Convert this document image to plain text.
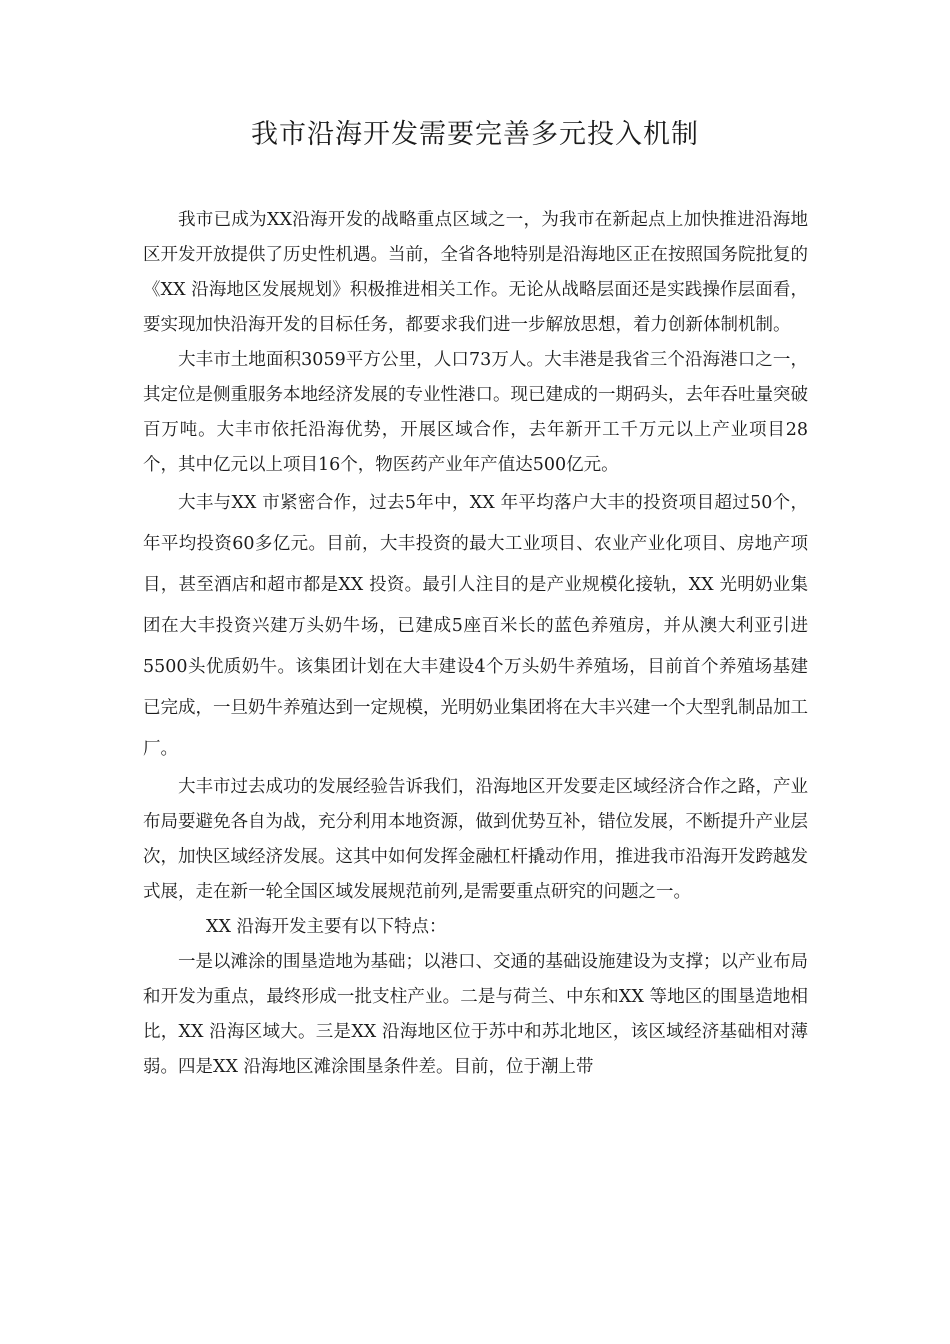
我市沿海开发需要完善多元投入机制

我市已成为XX沿海开发的战略重点区域之一，为我市在新起点上加快推进沿海地区开发开放提供了历史性机遇。当前，全省各地特别是沿海地区正在按照国务院批复的《XX 沿海地区发展规划》积极推进相关工作。无论从战略层面还是实践操作层面看，要实现加快沿海开发的目标任务，都要求我们进一步解放思想，着力创新体制机制。

大丰市土地面积3059平方公里，人口73万人。大丰港是我省三个沿海港口之一，其定位是侧重服务本地经济发展的专业性港口。现已建成的一期码头，去年吞吐量突破百万吨。大丰市依托沿海优势，开展区域合作，去年新开工千万元以上产业项目28个，其中亿元以上项目16个，物医药产业年产值达500亿元。

大丰与XX 市紧密合作，过去5年中，XX 年平均落户大丰的投资项目超过50个，年平均投资60多亿元。目前，大丰投资的最大工业项目、农业产业化项目、房地产项目，甚至酒店和超市都是XX 投资。最引人注目的是产业规模化接轨，XX 光明奶业集团在大丰投资兴建万头奶牛场，已建成5座百米长的蓝色养殖房，并从澳大利亚引进5500头优质奶牛。该集团计划在大丰建设4个万头奶牛养殖场，目前首个养殖场基建已完成，一旦奶牛养殖达到一定规模，光明奶业集团将在大丰兴建一个大型乳制品加工厂。

大丰市过去成功的发展经验告诉我们，沿海地区开发要走区域经济合作之路，产业布局要避免各自为战，充分利用本地资源，做到优势互补，错位发展，不断提升产业层次，加快区域经济发展。这其中如何发挥金融杠杆撬动作用，推进我市沿海开发跨越发式展，走在新一轮全国区域发展规范前列,是需要重点研究的问题之一。

XX 沿海开发主要有以下特点：

一是以滩涂的围垦造地为基础；以港口、交通的基础设施建设为支撑；以产业布局和开发为重点，最终形成一批支柱产业。二是与荷兰、中东和XX 等地区的围垦造地相比，XX 沿海区域大。三是XX 沿海地区位于苏中和苏北地区，该区域经济基础相对薄弱。四是XX 沿海地区滩涂围垦条件差。目前，位于潮上带
